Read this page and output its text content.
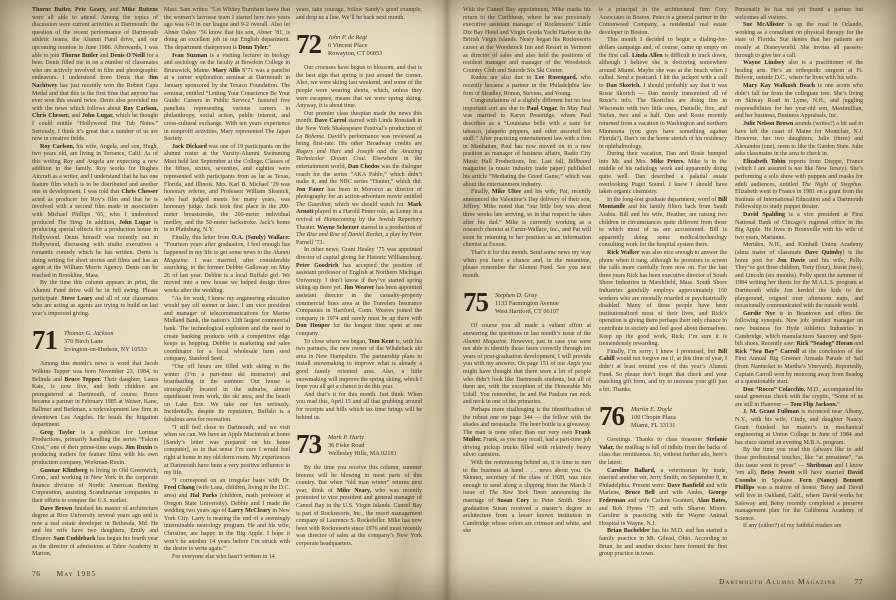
Thorne Butler, Pete Geary, and Mike Rubens were all able to attend. Among the topics of discussion were current activities at Dartmouth: the question of the recent performance of Dartmouth athletic teams, the Alumni Fund drive, and our upcoming reunion in June 1986. Afterwards, I was able to join Thorne Butler and Denis O’Neill for a beer. Denis filled me in on a number of classmates who are actively involved in film and photographic endeavors. I understood from Denis that Jim Nachtwey has just recently won the Robert Capa Medal and that this is the first time that anyone has ever won this award twice. Denis also provided me with the news which follows about Roy Carlson, Chris Chesser, and John Lugar, which he thought I could entitle “Hollywood Hot Tub Notes.” Seriously, I think it’s great that a number of us are now in creative fields.

Roy Carlson, his wife, Angela, and son, Hugh, two years old, are living in Torrance, Calif. As of this writing Roy and Angela are expecting a new addition to the family. Roy works for Hughes Aircraft as a writer, and I understand that he has one feature film which is to be distributed and another one in development. I was told that Chris Chesser acted as producer for Roy’s film and that he is involved with a second film made in association with Michael Phillips ’65, who I understood produced The Sting. In addition, John Lugar is producing special effects for a production house in Hollywood. Denis himself was recently out in Hollywood, discussing with studio executives a romantic comedy which he has written. Denis is doing writing for short stories and films and has an agent at the William Morris Agency. Denis can be reached in Brookline, Mass.

By the time this column appears in print, the Alumni Fund drive will be in full swing. Please participate. Steve Leary and all of our classmates who are acting as agents are trying to build on last year’s improved giving.

71 Thomas G. Jackson
370 Birch Lane
Irvington-on-Hudson, NY 10533

Among this month’s news is word that Jacob Wilkins Tepper was born November 23, 1984, to Belinda and Bruce Tepper. Their daughter, Laura Kate, is now five, and both children are preregistered at Dartmouth, of course. Bruce became a partner in February 1985 at Weiser, Kane, Ballmer and Berkman, a redevelopment law firm in downtown Los Angeles. He heads the litigation department.

Greg Taylor is a publicist for Lorimar Productions, primarily handling the series “Falcon Crest,” one of their prime-time soaps. Jim Ruxin is producing trailers for feature films with his own production company, Workman-Ruxin.

Gunnar Klintberg is living in Old Greenwich, Conn., and working in New York in the corporate finance division of Nordic American Banking Corporation, assisting Scandinavian companies in their efforts to conquer the U.S. market.

Dave Brown finished his master of architecture degree at Rice University several years ago and is now a real estate developer in Bethesda, Md. He and his wife have two daughters, Emily and Eleanor. Sam Cuddeback has begun his fourth year as the director of admissions at Tabor Academy in Marion,

Mass. Sam writes: “Let Whitey Burnham know that the women’s lacrosse team I started here two years ago was 6-0 in our league and 9-2 overall. Also let Abner Oakes ’56 know that his son, Abner ’81, is doing an excellent job in our English department. The department chairperson is Donn Tyler.”

Ivan Suzman is a visiting lecturer in biology and sociology on the faculty at Bowdoin College in Brunswick, Maine. Mary Allis S’71 was a panelist at a career exploration seminar at Dartmouth in January sponsored by the Texaco Foundation. The seminar, entitled “Letting Your Conscience Be Your Guide: Careers in Public Service,” featured five panelists representing various careers in philanthropy, social action, public interest, and cross-cultural exchange. With ten years experience in nonprofit activities, Mary represented The Japan Society.

Jack Dickard was one of 19 participants on the alumni roster at the Varsity-Alumni Swimming Meet held last September at the College. Classes of the fifties, sixties, seventies, and eighties were represented with participants from as far as Texas, Florida, and Illinois. Mrs. Karl B. Michael ’29 was honorary referee, and Professor William Slesnick, who had judged meets for many years, was honorary judge. Jack took first place in the 200-meter breaststroke, the 200-meter individual medley, and the 50-meter backstroke. Jack’s home is in Plattsburg, N.Y.

Finally, this letter from O.A. (Sandy) Wallace: “Fourteen years after graduation, I feel enough has happened in my life to get some news to the Alumni Magazine. I was married, after considerable searching, to the former Debbie Galloway on May 26 of last year. Debbie is a local Buffalo girl. We moved into a new house we helped design three weeks after the wedding.

“As for work, I knew my engineering education would pay off sooner or later. I am vice president and manager of telecommunications for Marine Midland Bank, the nation’s 12th largest commercial bank. The technological explosion and the need to create banking products with a competitive edge keeps us hopping. Debbie is marketing and sales coordinator for a local wholesale farm seed company, Stanford Seed.

“Our off hours are filled with skiing in the winter (I’m a part-time ski instructor) and boardsailing in the summer. Our house is strategically located in the suburbs, almost equidistant from work, the ski area, and the beach on Lake Erie. We take our fun seriously. Incidentally, despite its reputation, Buffalo is a fabulous area for recreation.

“I still feel close to Dartmouth, and we visit when we can. We have an Apple Macintosh at home [Sandy’s letter was prepared on his home computer], so in that sense I’m sure I would feel right at home in my old dorm room. My experiences at Dartmouth have been a very positive influence in my life.

“I correspond on an irregular basis with Dr. Fred Chang (wife Lana, children, living in the D.C. area) and Hal Parks (children, math professor at Oregon State University). Debbie and I made the wedding two years ago of Larry McCleary in New York City. Larry is nearing the end of a seemingly interminable neurology program. He and his wife, Christine, are happy in the Big Apple. I hope it won’t be another 14 years before I’m struck with the desire to write again.”

For everyone else who hasn’t written in 14

years, take courage, follow Sandy’s good example, and drop us a line. We’ll be back next month.

72 John P. de Regt
6 Vincent Place
Rowayton, CT 06853

Our crocuses have begun to blossom, and that is the best sign that spring is just around the corner. Also, we were skiing last weekend, and some of the people were wearing shorts, which, unless they were escapees, means that we were spring skiing. Anyway, it is about time.

Our premier class thespian made the news this month. Dave Carrol starred with Linda Ronstadt in the New York Shakespeare Festival’s production of La Boheme. David’s performance was reviewed as being first-rate. His other Broadway credits are Rogers and Hart and Joseph and the Amazing Technicolor Dream Coat. Elsewhere in the entertainment world, Dan Chodos was the dialogue coach for the series “AKA Pablo,” which didn’t make it, and the NBC series “Hunter,” which did. Jon Fauer has been in Morocco as director of photography for an action-adventure movie entitled The Guardian, which we should watch for. Mark Arnott played in a Harold Pinter role, as Lenny in a revival of Homecoming by the Jewish Repertory Theater. Wayne Scherzer starred in a production of The Rise and Rise of Daniel Rocket, a play by Peter Parnell ’73.

In other news, Grant Healey ’75 was appointed director of capital giving for Historic Williamsburg. Peter Goodrich has accepted the position of assistant professor of English at Northern Michigan University. I don’t know if they’ve started spring skiing up there yet. Jim Weaver has been appointed assistant director in the casualty-property commercial lines area at the Travelers Insurance Companies in Hartford, Conn. Weaves joined the company in 1974 and surely must be up there with Don Houper for the longest time spent at one company.

To close where we began, Tom Kent is, with his two partners, the new owner of the Whaleback ski area in New Hampshire. The partnership plans to install snowmaking to improve what is already a good family oriented area. Also, a little snowmaking will improve the spring skiing, which I hope you all get a chance to do this year.

And that’s it for this month. Just think. When you read this, April 15 and all that grubbing around for receipts and bills which tax time brings will be behind us.

73 Mark P. Harty
36 Fiske Road
Wellesley Hills, MA 02181

By the time you receive this column, summer breezes will be blowing in most parts of this country. But when “old man winter” returns next year, think of Mike Neary, who was recently promoted to vice president and general manager of Caneel Bay in the U.S. Virgin Islands. Caneel Bay is part of Rockresorts, Inc., the resort management company of Laurence S. Rockefeller. Mike has now been with Rockresorts since 1976 and most recently was director of sales at the company’s New York corporate headquarters.

76 May 1985

With the Caneel Bay appointment, Mike marks his return to the Caribbean, where he was previously executive assistant manager of Rockresorts’ Little Dix Bay Hotel and Virgin Gorda Yacht Harbor in the British Virgin Islands. Neary began his Rockresorts career at the Woodstock Inn and Resort in Vermont as director of sales and also held the positions of resident manager and manager of the Woodstock Country Club and Suicide Six Ski Center.

Kudos are also due to Lee Rosengard, who recently became a partner in the Philadelphia law firm of Stradley, Ronon, Stevens, and Young.

Congratulations of a slightly different but no less important sort are due to Paul Ungar. In May Paul was married to Karyn Prestridge, whom Paul describes as a “Louisiana belle with a taste for tabasco, jalapeño peppers, and other assorted hot stuff.” After practicing entertainment law with a firm in Manhattan, Paul has now moved on to a new position as manager of business affairs, Radio City Music Hall Productions, Inc. Last fall, Billboard magazine (a music industry trade paper) published his article “Mediating the Greed Game,” which was about the entertainment industry.

Finally, Mike Ultee and his wife, Pat, recently announced the Valentine’s Day delivery of their son, Jeffrey. Mike noted that “our little boy was about three weeks late arriving, so in that respect he takes after his dad.” Mike is currently working as a research chemist at Carter-Wallace, Inc., and Pat will soon be returning to her position as an information chemist at Exxon.

That’s it for this month. Send some news my way when you have a chance and, in the meantime, please remember the Alumni Fund. See you next month.

75 Stephen D. Gray
1133 Farmington Avenue
West Hartford, CT 06107

Of course you all made a valiant effort at answering the questions in last month’s issue of the Alumni Magazine. However, just in case you were not able to identify those faces correctly through ten years of post-graduation development, I will provide you with my answers. On page 151 of our Aegis you might have thought that there were a lot of people who didn’t look like Dartmouth students, but all of them are, with the exception of the Honorable Mo Udall. You remember, he and Pat Paulsen ran neck and neck in one of the primaries.

Perhaps more challenging is the identification of the robust one on page 344 — the fellow with the shades and moustache. The beer bottle is a giveaway. The man is none other than our very own Frank Muller. Frank, as you may recall, had a part-time job driving pickup trucks filled with relatively heavy silver canisters.

With the reminiscing behind us, it is time to turn to the business at hand . . . news about you. Os Skinner, secretary of the class of 1928, was nice enough to send along a clipping from the March 3 issue of The New York Times announcing the marriage of Susan Cory to Peter Smith. Since graduation Susan received a master’s degree in architecture from a lesser known institution in Cambridge whose colors are crimson and white, and she

is a principal in the architectural firm Cory Associates in Boston. Peter is a general partner in the Cottonwood Company, a residential real estate developer in Boston.

This month I decided to begin a dialing-for-dollars campaign and, of course, came up empty on the first call. Linda Allen is difficult to track down, although I believe she is doctoring somewhere around Miami. Maybe she was at the beach when I called. Send a postcard. I hit the jackpot with a call to Dan Skorich. I should probably say that it was Rosie Skorich — Dan merely transmitted all of Rosie’s info. The Skoriches are doing fine in Wisconsin with two little ones, Danielle, five, and Stefan, two and a half. Dan and Rosie recently returned from a vacation to Washington and northern Minnesota (you guys have something against Florida?). Dan’s on the home stretch of his residency in ophthalmology.

During their vacation, Dan and Rosie bumped into Mr. and Mrs. Mike Peters. Mike is in the middle of his radiology work and apparently doing quite well. Dan described a palatial estate overlooking Puget Sound. I knew I should have taken organic chemistry.

In the long-lost graduate department, word of Bill Montanile and his family filters back from Saudi Arabia. Bill and his wife, Heather, are raising two children in circumstances quite different from those to which most of us are accustomed. Bill is apparently doing some medical/technology consulting work for the hospital system there.

Rick Walker was also nice enough to answer the phone when it rang, although he promises to screen the calls more carefully from now on. For the last three years Rick has been executive director of South Shore Industries in Marshfield, Mass. South Shore Industries gainfully employs approximately 160 workers who are mentally retarded or psychiatrically disabled. Many of these people have been institutionalized most of their lives, and Rick’s operation is giving them perhaps their only chance to contribute to society and feel good about themselves. Keep up the good work, Rick; I’m sure it is tremendously rewarding.

Finally, I’m sorry; I knew I promised, but Bill Cahill would not forgive me if, at this time of year, I didn’t at least remind you of this year’s Alumni Fund. So please don’t forget that check and your matching gift form, and try to increase your gift just a bit. Thanks.

76 Martin E. Doyle
100 Chopin Plaza
Miami, FL 33131

Greetings. Thanks to class treasurer Stefanie Valar, the mailbag is full of tidbits from the backs of class due remittances. So, without further ado, here’s the latest:

Caroline Ballard, a veterinarian by trade, married another vet, Jerry Smith, on September 8, in Philadelphia. Present were: Dave Banfield and wife Marlene, Bruce Bell and wife Andes, George Federman and wife Carlene Granieri, Alan Bates, and Bob Hynes ’75 and wife Sharon Moore. Caroline is practicing with the Wayne Animal Hospital in Wayne, N.J.

Brian Bachelder has his M.D. and has started a family practice in Mt. Gilead, Ohio. According to Brian, he and another doctor have formed the first group practice in town.

Personally he has not yet found a partner but welcomes all visitors.

Sue McAllister is up the road in Orlando, working as a consultant on physical therapy for the state of Florida. Sue denies that her patients are mostly at Disneyworld. She invites all passers-through to give her a call.

Wayne Lindsey also is a practitioner of the healing arts. He’s an orthopedic surgeon at Ft. Belvoir, outside D.C., where he lives with his wife.

Mary Kay Walkush Beach is one acorn who didn’t fall far from the collegiate tree. She’s living on Skiway Road in Lyme, N.H., and juggling responsibilities for her year-old son, Maximillian, and her business, Business Appraisals, Inc.

Julie Nelson Brown sounds (writes?) a bit sad to have left the coast of Maine for Montclair, N.J. However, her two daughters, Julie (three) and Alexandra (one), seem to like the Garden State. Julie asks classmates in the area to check in.

Elizabeth Tobin reports from Dieppe, France (which I am assured is not like New Jersey). She’s performing a solo show with puppets and masks for adult audiences, entitled The Night of Sisyphus. Elizabeth went to France in 1981 on a grant from the Institute of International Education and a Dartmouth Fellowship to study puppet theater.

David Spalding is a vice president at First National Bank of Chicago’s regional office in the Big Apple. He lives in Bronxville with his wife of two years, Marianne.

Meriden, N.H., and Kimball Union Academy (alma mater of classmate Dave Quimby) is the home port for Jon Davie and his wife, Polly. They’ve got three children, Tony (four), Jessie (two), and Lincoln (six months). Polly spent the summer of 1984 writing her thesis for the M.A.L.S. program at Dartmouth while Jon herded the kids to the playground, reigned over afternoon naps, and occasionally communicated with the outside world.

Gordie Nye is in Beantown and offers the following synopsis. New job: product manager on new business for Hyde Athletics Industries in Cambridge, which manufactures Saucony and Spot-bilt shoes. Recently saw: Rick “Seadog” Horan and Rick “Sea Bay” Carroll at the conclusion of the First Annual Big Greener Armada Parade of Sail (from Nantucket to Martha’s Vineyard). Reportedly, Captain Carroll won by motoring away from Seadog at a questionable start.

Don “Rocco” Colacchio, M.D., accompanied his usual generous check with the cryptic, “Some of us are still in Hanover — Tom Flip Jackson.”

J. M. Grant Fullman is esconced near Albany, N.Y., with his wife, Cindy, and daughter Nancy. Grant finished his master’s in mechanical engineering at Union College in June of 1984 and has since started an evening M.B.A. program.

By the time you read this (always like to add those professional touches, like “at presstime”, “as this issue went to press” — Shribman and I know ’em all), Betsy Jewett will have married David Coombs in Spokane. Fern (Nancy) Bennett Phillips was a matron of honor. Betsy and David will live in Oakland, Calif., where David works for Safeway and Betsy recently completed a preserve management plan for the California Academy of Science.

If any (either?) of my faithful readers are

Dartmouth Alumni Magazine 77
